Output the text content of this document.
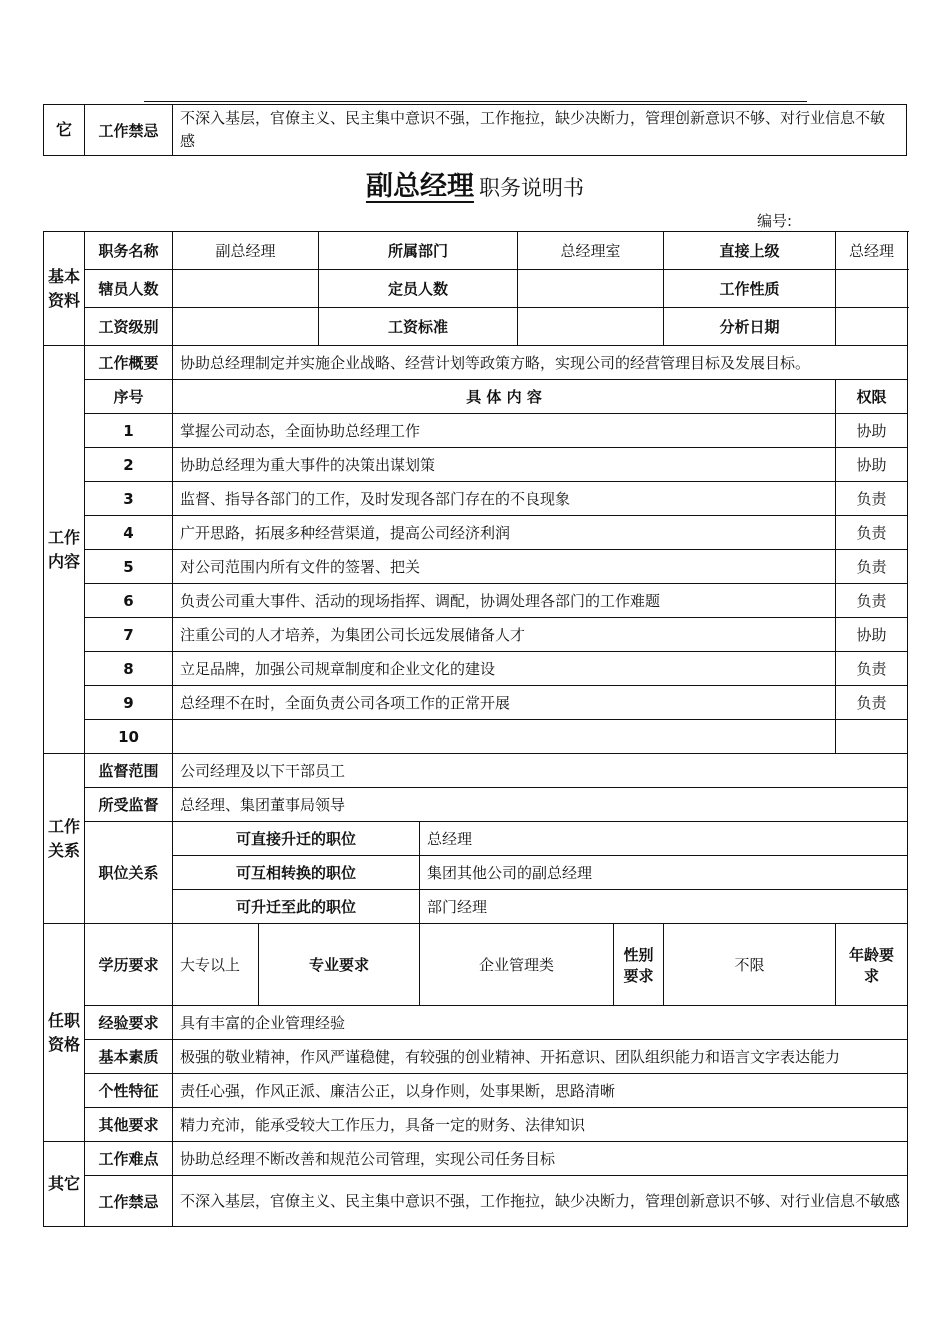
它	工作禁忌	不深入基层，官僚主义、民主集中意识不强，工作拖拉，缺少决断力，管理创新意识不够、对行业信息不敏感
副总经理 职务说明书
编号:
基本资料	职务名称	副总经理		所属部门		总经理室		直接上级	总经理	
	辖员人数			定员人数				工作性质		
	工资级别			工资标准				分析日期		
工作内容	工作概要	协助总经理制定并实施企业战略、经营计划等政策方略，实现公司的经营管理目标及发展目标。								
	序号	具 体 内 容							权限	
	1	掌握公司动态，全面协助总经理工作							协助	
	2	协助总经理为重大事件的决策出谋划策							协助	
	3	监督、指导各部门的工作，及时发现各部门存在的不良现象							负责	
	4	广开思路，拓展多种经营渠道，提高公司经济利润							负责	
	5	对公司范围内所有文件的签署、把关							负责	
	6	负责公司重大事件、活动的现场指挥、调配，协调处理各部门的工作难题							负责	
	7	注重公司的人才培养，为集团公司长远发展储备人才							协助	
	8	立足品牌，加强公司规章制度和企业文化的建设							负责	
	9	总经理不在时，全面负责公司各项工作的正常开展							负责	
	10									
工作关系	监督范围	公司经理及以下干部员工								
	所受监督	总经理、集团董事局领导								
	职位关系	可直接升迁的职位			总经理					
		可互相转换的职位			集团其他公司的副总经理					
		可升迁至此的职位			部门经理					
任职资格	学历要求	大专以上	专业要求		企业管理类		性别要求	不限	年龄要求	
	经验要求	具有丰富的企业管理经验								
	基本素质	极强的敬业精神，作风严谨稳健，有较强的创业精神、开拓意识、团队组织能力和语言文字表达能力								
	个性特征	责任心强，作风正派、廉洁公正，以身作则，处事果断，思路清晰								
	其他要求	精力充沛，能承受较大工作压力，具备一定的财务、法律知识								
其它	工作难点	协助总经理不断改善和规范公司管理，实现公司任务目标								
	工作禁忌	不深入基层，官僚主义、民主集中意识不强，工作拖拉，缺少决断力，管理创新意识不够、对行业信息不敏感								
